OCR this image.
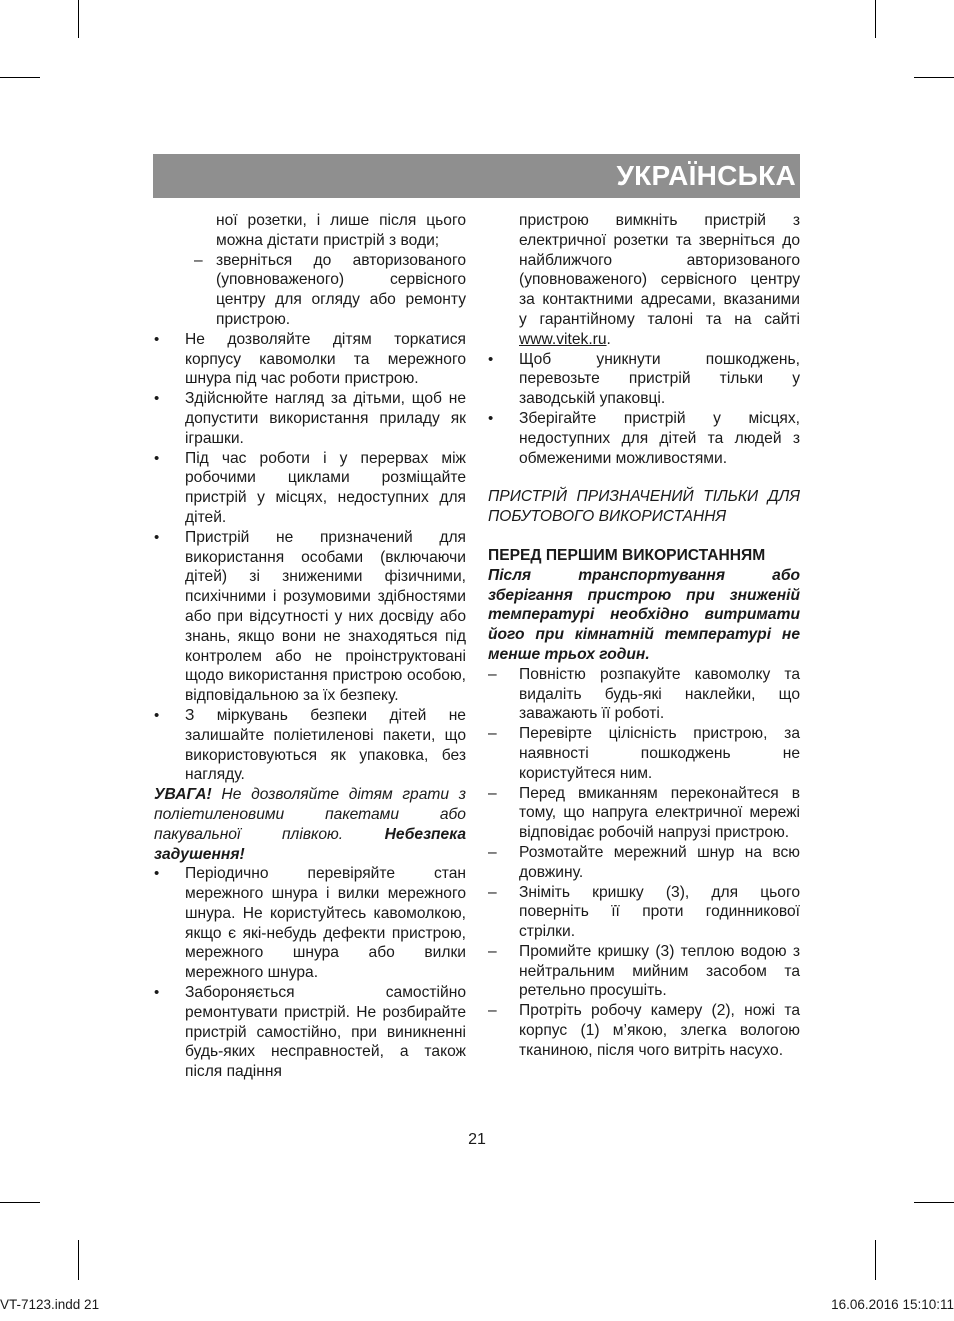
УКРАЇНСЬКА
ної розетки, і лише після цього можна дістати пристрій з води;
– зверніться до авторизованого (уповноваженого) сервісного центру для огляду або ремонту пристрою.
•	Не дозволяйте дітям торкатися корпусу кавомолки та мережного шнура під час роботи пристрою.
•	Здійснюйте нагляд за дітьми, щоб не допустити використання приладу як іграшки.
•	Під час роботи і у перервах між робочими циклами розміщайте пристрій у місцях, недоступних для дітей.
•	Пристрій не призначений для використання особами (включаючи дітей) зі зниженими фізичними, психічними і розумовими здібностями або при відсутності у них досвіду або знань, якщо вони не знаходяться під контролем або не проінструктовані щодо використання пристрою особою, відповідальною за їх безпеку.
•	З міркувань безпеки дітей не залишайте поліетиленові пакети, що використовуються як упаковка, без нагляду.
УВАГА! Не дозволяйте дітям грати з поліетиленовими пакетами або пакувальної плівкою. Небезпека задушення!
•	Періодично перевіряйте стан мережного шнура і вилки мережного шнура. Не користуйтесь кавомолкою, якщо є які-небудь дефекти пристрою, мережного шнура або вилки мережного шнура.
•	Забороняється самостійно ремонтувати пристрій. Не розбирайте пристрій самостійно, при виникненні будь-яких несправностей, а також після падіння
пристрою вимкніть пристрій з електричної розетки та зверніться до найближчого авторизованого (уповноваженого) сервісного центру за контактними адресами, вказаними у гарантійному талоні та на сайті www.vitek.ru.
•	Щоб уникнути пошкоджень, перевозьте пристрій тільки у заводській упаковці.
•	Зберігайте пристрій у місцях, недоступних для дітей та людей з обмеженими можливостями.
ПРИСТРІЙ ПРИЗНАЧЕНИЙ ТІЛЬКИ ДЛЯ ПОБУТОВОГО ВИКОРИСТАННЯ
ПЕРЕД ПЕРШИМ ВИКОРИСТАННЯМ
Після транспортування або зберігання пристрою при зниженій температурі необхідно витримати його при кімнатній температурі не менше трьох годин.
–	Повністю розпакуйте кавомолку та видаліть будь-які наклейки, що заважають її роботі.
–	Перевірте цілісність пристрою, за наявності пошкоджень не користуйтеся ним.
–	Перед вмиканням переконайтеся в тому, що напруга електричної мережі відповідає робочій напрузі пристрою.
–	Розмотайте мережний шнур на всю довжину.
–	Зніміть кришку (3), для цього поверніть її проти годинникової стрілки.
–	Промийте кришку (3) теплою водою з нейтральним мийним засобом та ретельно просушіть.
–	Протріть робочу камеру (2), ножі та корпус (1) м’якою, злегка вологою тканиною, після чого витріть насухо.
21
VT-7123.indd 21	16.06.2016 15:10:11
